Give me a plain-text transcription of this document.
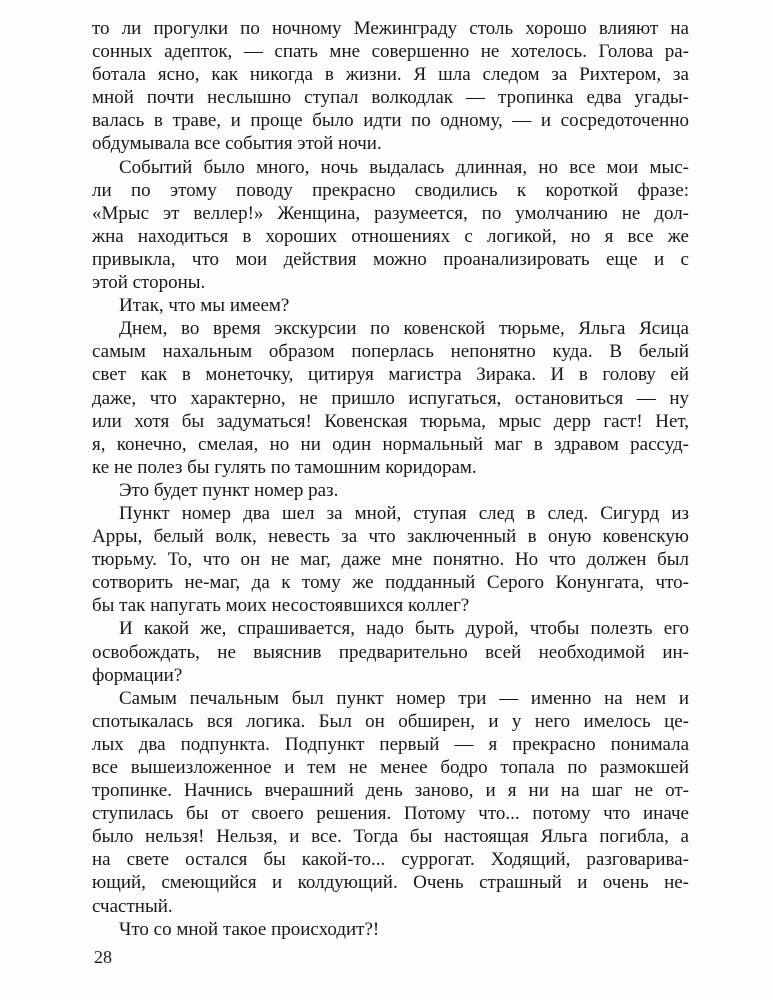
то ли прогулки по ночному Межинграду столь хорошо влияют на
сонных адепток, — спать мне совершенно не хотелось. Голова ра-
ботала ясно, как никогда в жизни. Я шла следом за Рихтером, за
мной почти неслышно ступал волкодлак — тропинка едва угады-
валась в траве, и проще было идти по одному, — и сосредоточенно
обдумывала все события этой ночи.

Событий было много, ночь выдалась длинная, но все мои мыс-
ли по этому поводу прекрасно сводились к короткой фразе:
«Мрыс эт веллер!» Женщина, разумеется, по умолчанию не дол-
жна находиться в хороших отношениях с логикой, но я все же
привыкла, что мои действия можно проанализировать еще и с
этой стороны.

Итак, что мы имеем?

Днем, во время экскурсии по ковенской тюрьме, Яльга Ясица
самым нахальным образом поперлась непонятно куда. В белый
свет как в монеточку, цитируя магистра Зирака. И в голову ей
даже, что характерно, не пришло испугаться, остановиться — ну
или хотя бы задуматься! Ковенская тюрьма, мрыс дерр гаст! Нет,
я, конечно, смелая, но ни один нормальный маг в здравом рассуд-
ке не полез бы гулять по тамошним коридорам.

Это будет пункт номер раз.

Пункт номер два шел за мной, ступая след в след. Сигурд из
Арры, белый волк, невесть за что заключенный в оную ковенскую
тюрьму. То, что он не маг, даже мне понятно. Но что должен был
сотворить не-маг, да к тому же подданный Серого Конунгата, что-
бы так напугать моих несостоявшихся коллег?

И какой же, спрашивается, надо быть дурой, чтобы полезть его
освобождать, не выяснив предварительно всей необходимой ин-
формации?

Самым печальным был пункт номер три — именно на нем и
спотыкалась вся логика. Был он обширен, и у него имелось це-
лых два подпункта. Подпункт первый — я прекрасно понимала
все вышеизложенное и тем не менее бодро топала по размокшей
тропинке. Начнись вчерашний день заново, и я ни на шаг не от-
ступилась бы от своего решения. Потому что... потому что иначе
было нельзя! Нельзя, и все. Тогда бы настоящая Яльга погибла, а
на свете остался бы какой-то... суррогат. Ходящий, разговарива-
ющий, смеющийся и колдующий. Очень страшный и очень не-
счастный.

Что со мной такое происходит?!

28
